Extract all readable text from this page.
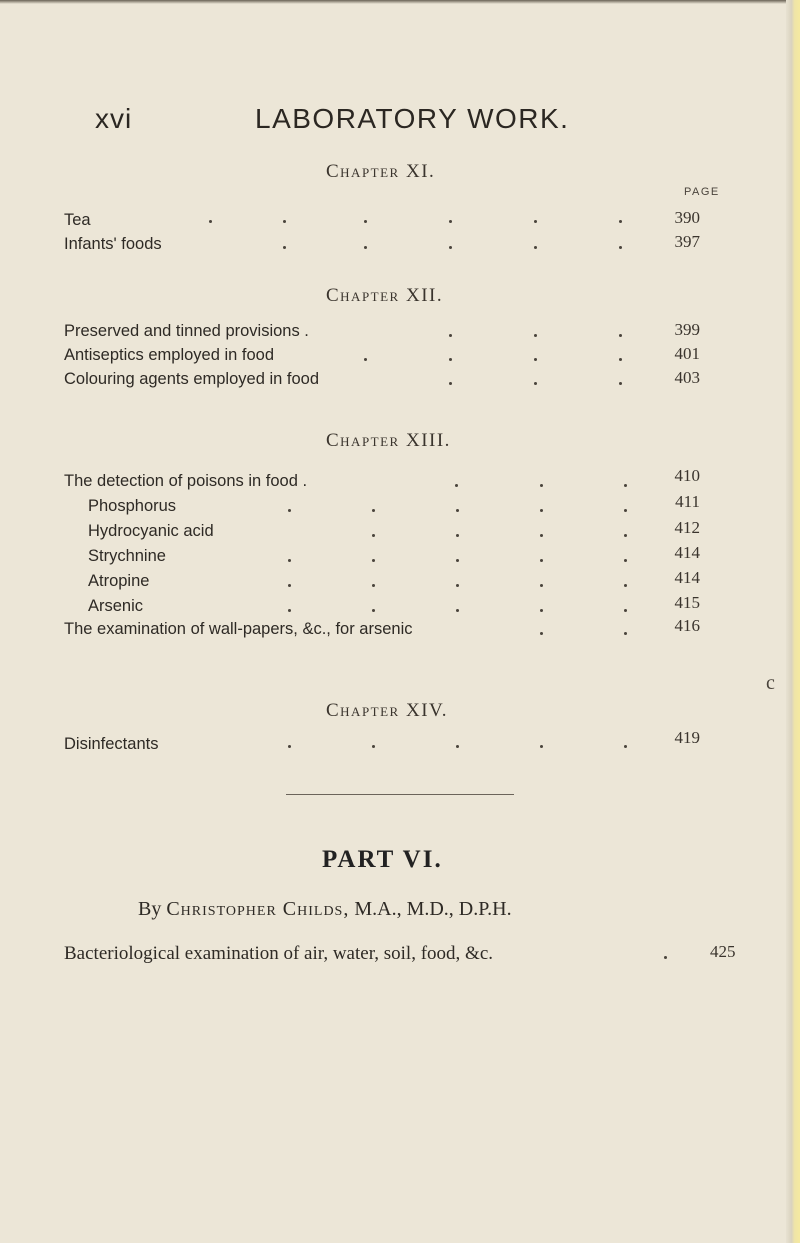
xvi	LABORATORY WORK.
Chapter XI.
PAGE
Tea	390
Infants' foods	397
Chapter XII.
Preserved and tinned provisions .	399
Antiseptics employed in food	401
Colouring agents employed in food	403
Chapter XIII.
The detection of poisons in food .	410
Phosphorus	411
Hydrocyanic acid	412
Strychnine	414
Atropine	414
Arsenic	415
The examination of wall-papers, &c., for arsenic	416
Chapter XIV.
Disinfectants	419
c
PART VI.
By Christopher Childs, M.A., M.D., D.P.H.
Bacteriological examination of air, water, soil, food, &c.	425
